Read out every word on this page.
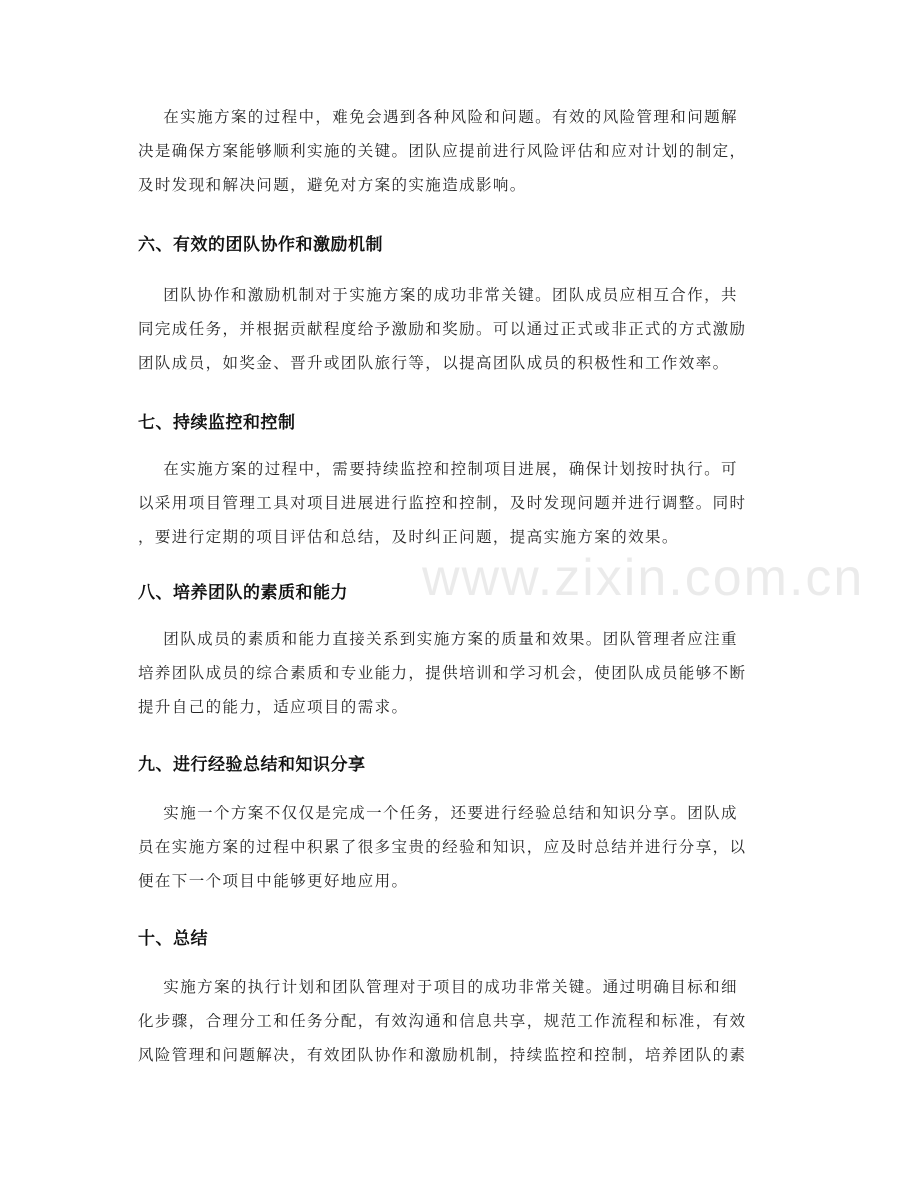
在实施方案的过程中，难免会遇到各种风险和问题。有效的风险管理和问题解
决是确保方案能够顺利实施的关键。团队应提前进行风险评估和应对计划的制定，
及时发现和解决问题，避免对方案的实施造成影响。

六、有效的团队协作和激励机制

团队协作和激励机制对于实施方案的成功非常关键。团队成员应相互合作，共
同完成任务，并根据贡献程度给予激励和奖励。可以通过正式或非正式的方式激励
团队成员，如奖金、晋升或团队旅行等，以提高团队成员的积极性和工作效率。

七、持续监控和控制

在实施方案的过程中，需要持续监控和控制项目进展，确保计划按时执行。可
以采用项目管理工具对项目进展进行监控和控制，及时发现问题并进行调整。同时
，要进行定期的项目评估和总结，及时纠正问题，提高实施方案的效果。

八、培养团队的素质和能力

团队成员的素质和能力直接关系到实施方案的质量和效果。团队管理者应注重
培养团队成员的综合素质和专业能力，提供培训和学习机会，使团队成员能够不断
提升自己的能力，适应项目的需求。

九、进行经验总结和知识分享

实施一个方案不仅仅是完成一个任务，还要进行经验总结和知识分享。团队成
员在实施方案的过程中积累了很多宝贵的经验和知识，应及时总结并进行分享，以
便在下一个项目中能够更好地应用。

十、总结

实施方案的执行计划和团队管理对于项目的成功非常关键。通过明确目标和细
化步骤，合理分工和任务分配，有效沟通和信息共享，规范工作流程和标准，有效
风险管理和问题解决，有效团队协作和激励机制，持续监控和控制，培养团队的素

www.zixin.com.cn
